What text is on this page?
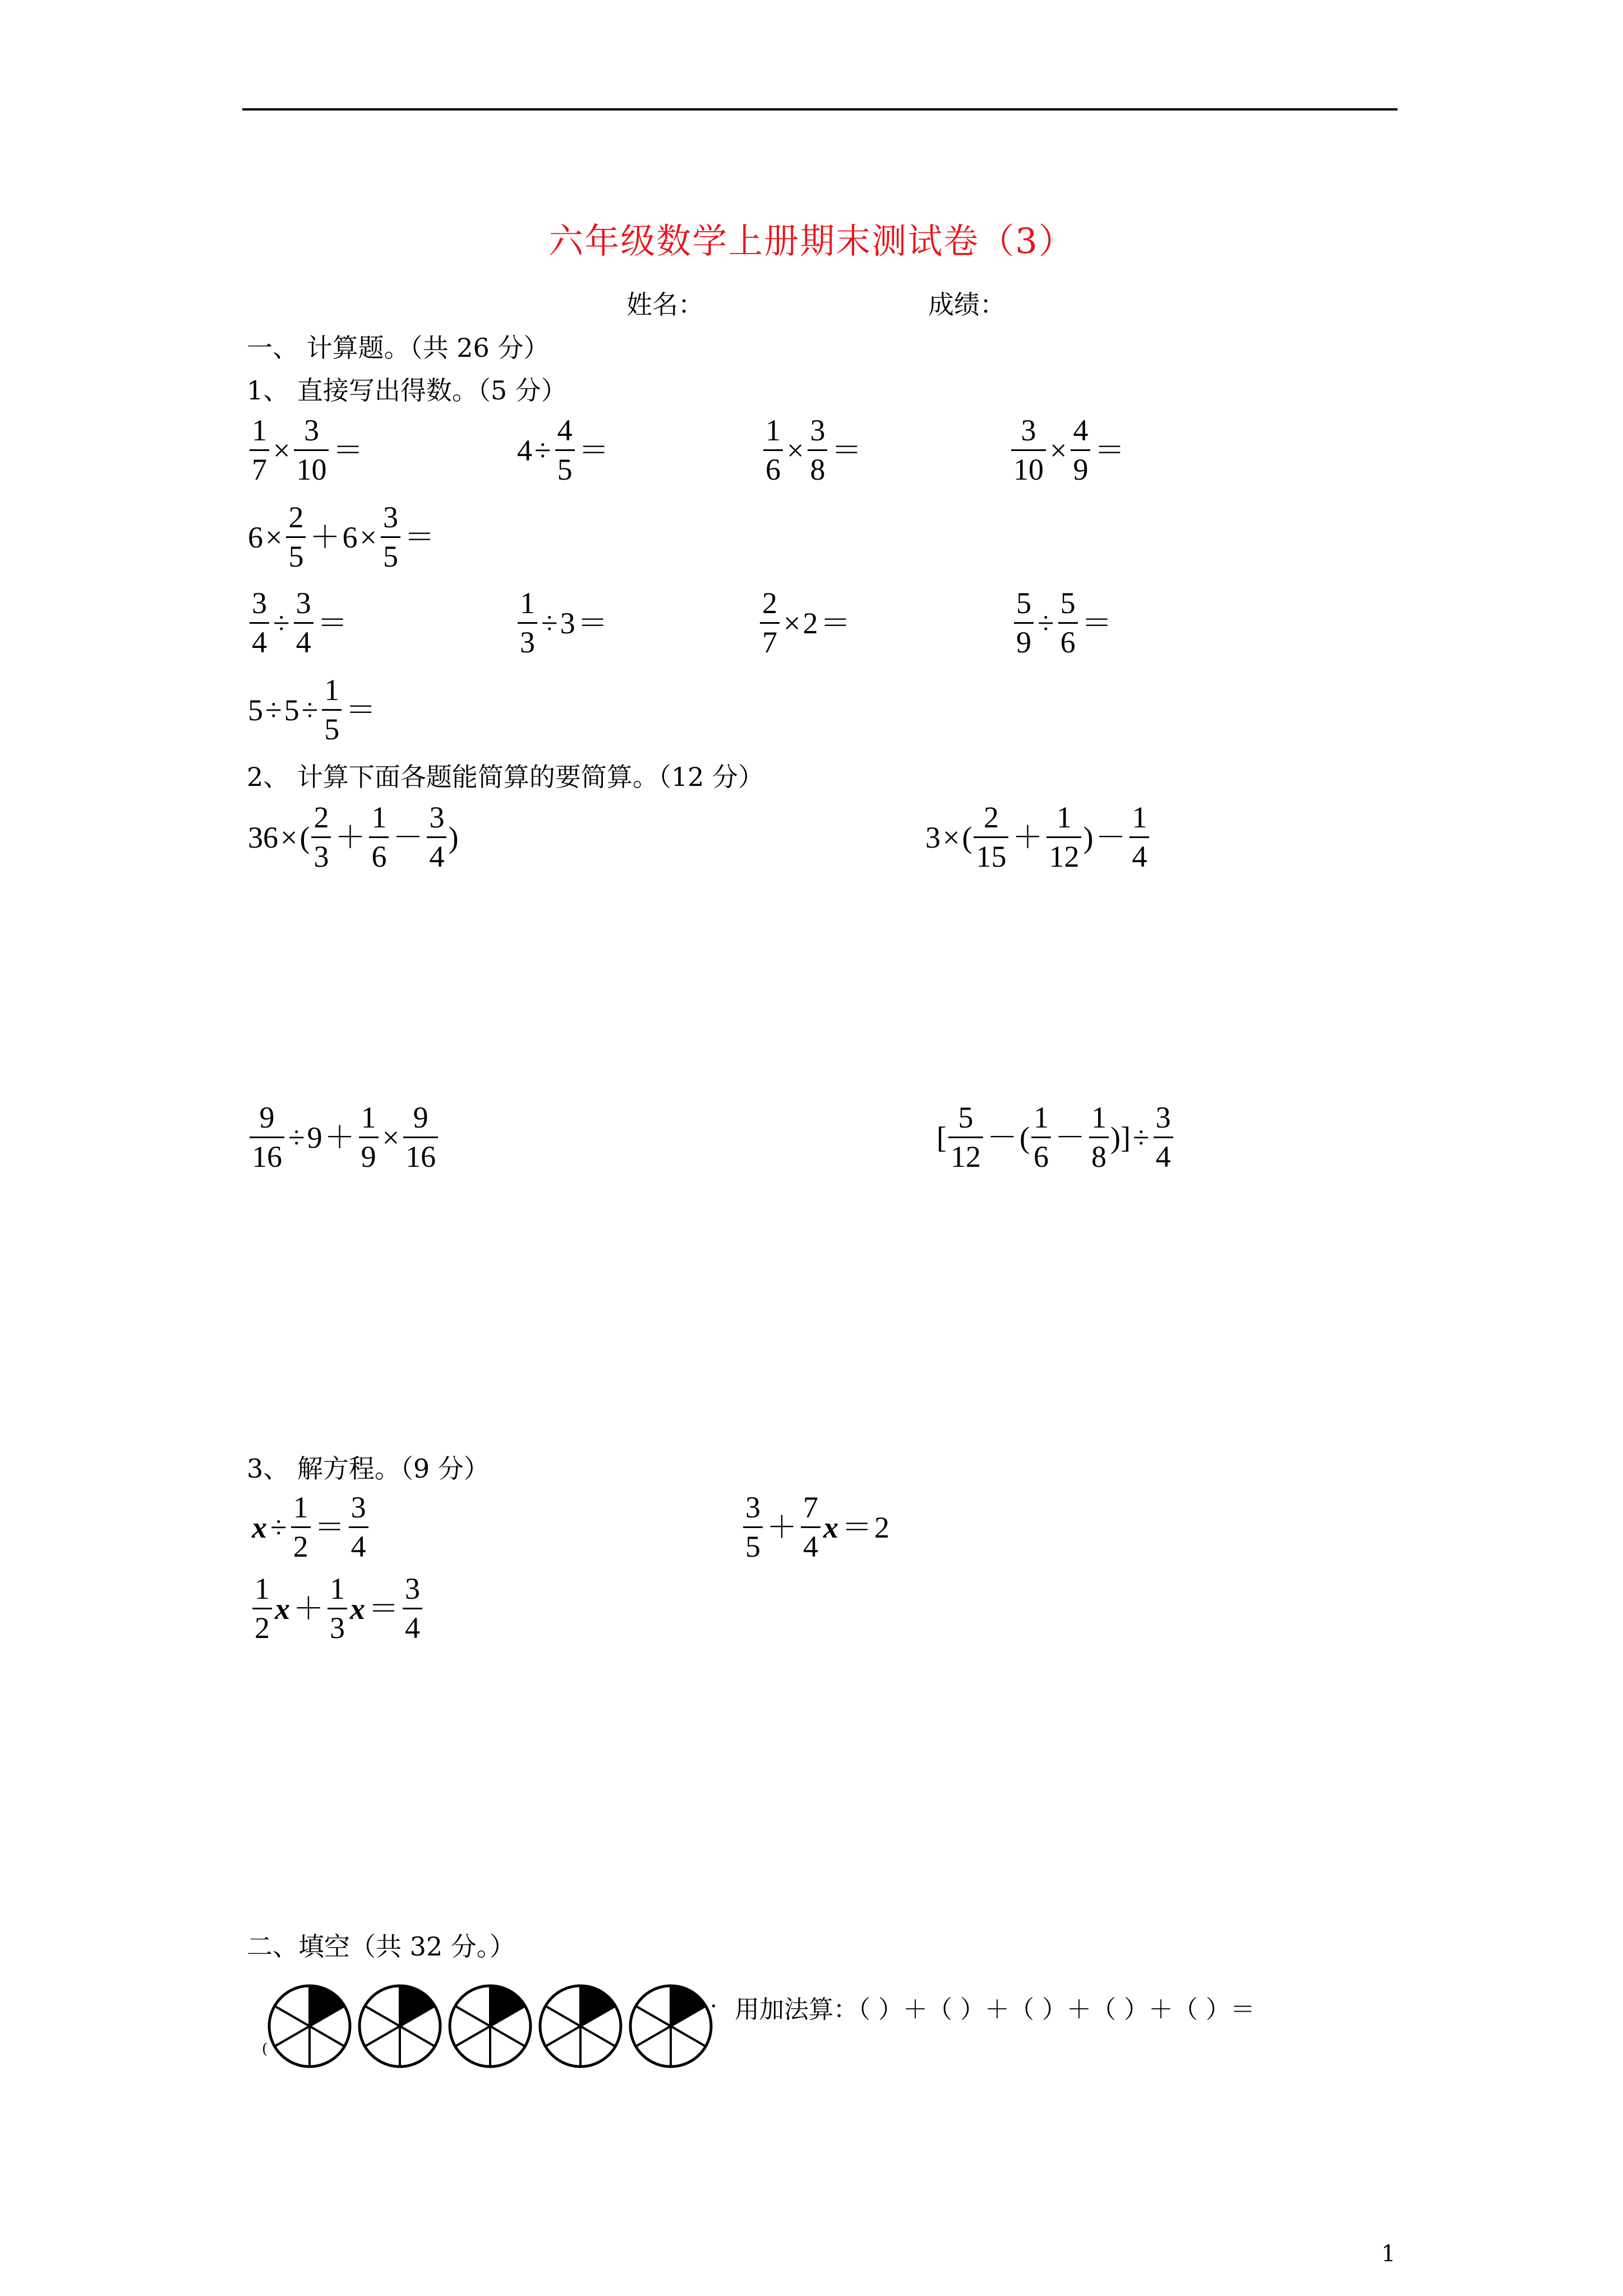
六年级数学上册期末测试卷（3）
姓名：	成绩：
一、 计算题。（共 26 分）
1、 直接写出得数。（5 分）
$\frac{1}{7} \times \frac{3}{10}$ ＝	$4 \div \frac{4}{5}$ ＝	$\frac{1}{6} \times \frac{3}{8}$ ＝	$\frac{3}{10} \times \frac{4}{9}$ ＝
$6 \times \frac{2}{5} + 6 \times \frac{3}{5}$ ＝
$\frac{3}{4} \div \frac{3}{4}$ ＝	$\frac{1}{3} \div 3$ ＝	$\frac{2}{7} \times 2$ ＝	$\frac{5}{9} \div \frac{5}{6}$ ＝
$5 \div 5 \div \frac{1}{5}$ ＝
2、 计算下面各题能简算的要简算。（12 分）
36 × ( $\frac{2}{3} + \frac{1}{6} - \frac{3}{4}$ )	3 × ( $\frac{2}{15} + \frac{1}{12}$ ) － $\frac{1}{4}$
$\frac{9}{16} \div 9 + \frac{1}{9} \times \frac{9}{16}$	[ $\frac{5}{12}$ － ( $\frac{1}{6} - \frac{1}{8}$ ) ] ÷ $\frac{3}{4}$
3、 解方程。（9 分）
$x \div \frac{1}{2} = \frac{3}{4}$	$\frac{3}{5} + \frac{7}{4}$ x ＝ 2
$\frac{1}{2}$ $x + \frac{1}{3}$ $x = \frac{3}{4}$
二、填空（共 32 分。）
(
. 用加法算：（ ）＋（ ）＋（ ）＋（ ）＋（ ）＝
1
